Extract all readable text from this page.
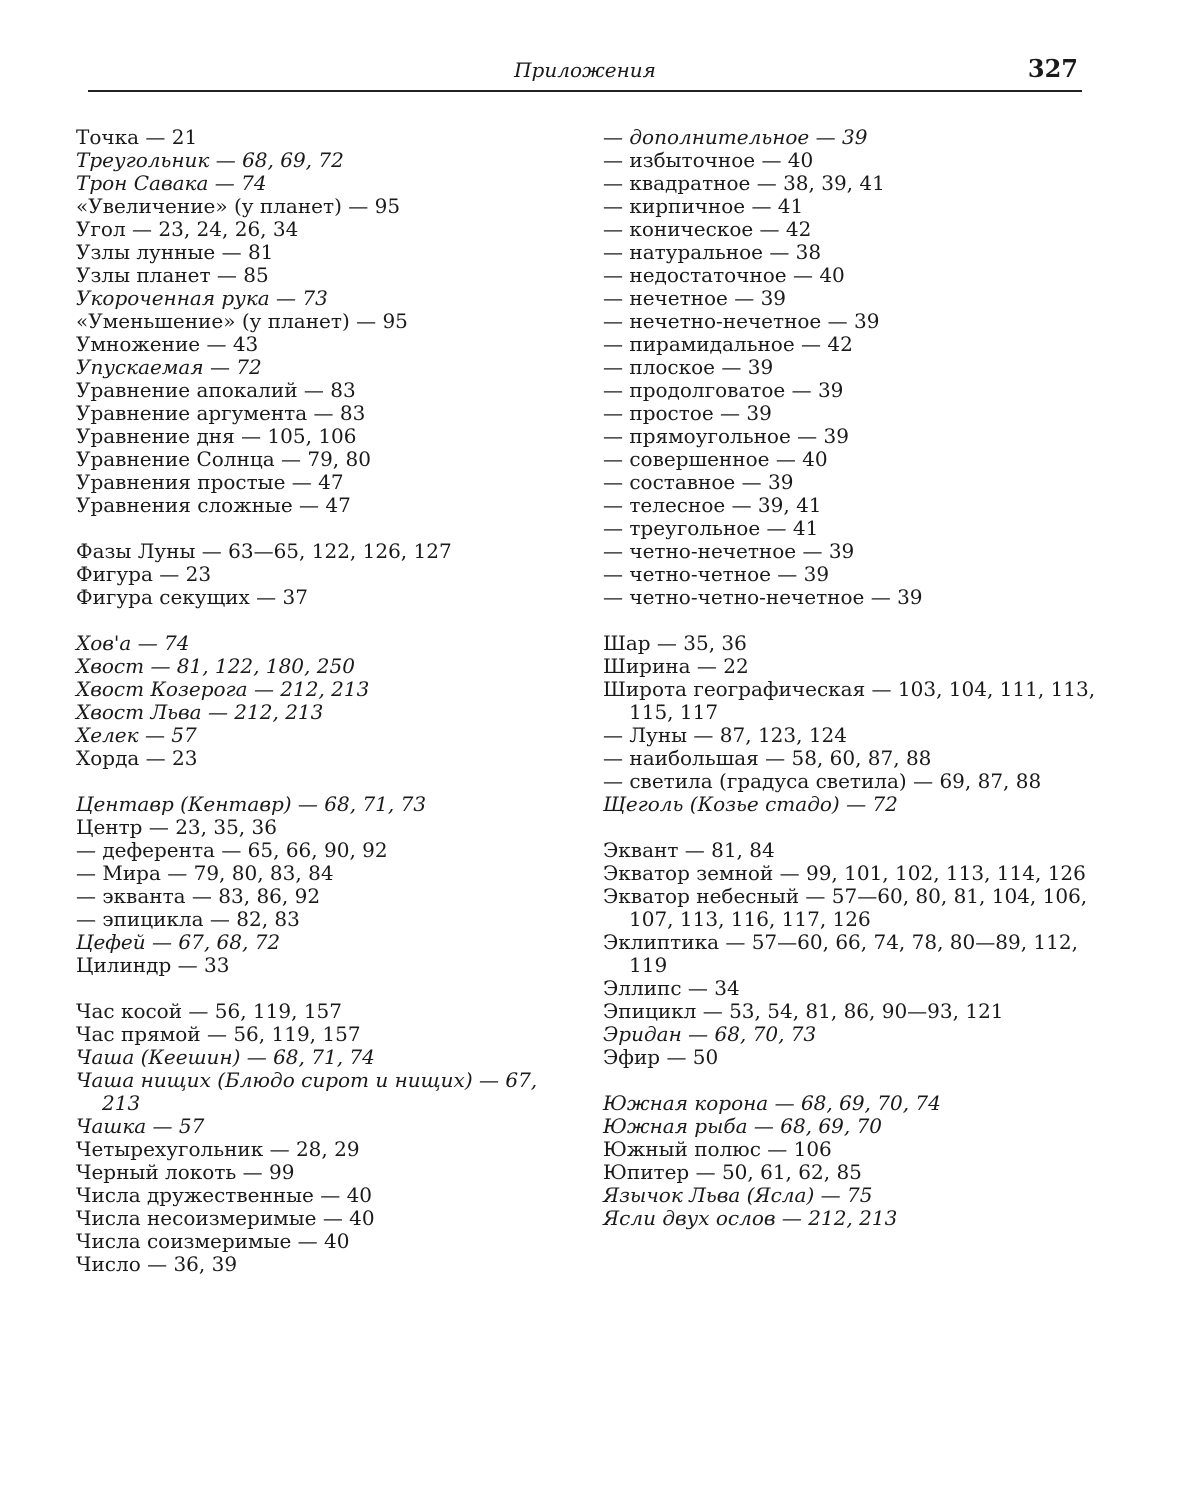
Приложения	327

Точка — 21

Треугольник — 68, 69, 72

Трон Савака — 74

«Увеличение» (у планет) — 95

Угол — 23, 24, 26, 34

Узлы лунные — 81

Узлы планет — 85

Укороченная рука — 73

«Уменьшение» (у планет) — 95

Умножение — 43

Упускаемая — 72

Уравнение апокалий — 83

Уравнение аргумента — 83

Уравнение дня — 105, 106

Уравнение Солнца — 79, 80

Уравнения простые — 47

Уравнения сложные — 47

Фазы Луны — 63—65, 122, 126, 127

Фигура — 23

Фигура секущих — 37

Хов'а — 74

Хвост — 81, 122, 180, 250

Хвост Козерога — 212, 213

Хвост Льва — 212, 213

Хелек — 57

Хорда — 23

Центавр (Кентавр) — 68, 71, 73

Центр — 23, 35, 36

— деферента — 65, 66, 90, 92

— Мира — 79, 80, 83, 84

— экванта — 83, 86, 92

— эпицикла — 82, 83

Цефей — 67, 68, 72

Цилиндр — 33

Час косой — 56, 119, 157

Час прямой — 56, 119, 157

Чаша (Кеешин) — 68, 71, 74

Чаша нищих (Блюдо сирот и нищих) — 67, 213

Чашка — 57

Четырехугольник — 28, 29

Черный локоть — 99

Числа дружественные — 40

Числа несоизмеримые — 40

Числа соизмеримые — 40

Число — 36, 39

— дополнительное — 39

— избыточное — 40

— квадратное — 38, 39, 41

— кирпичное — 41

— коническое — 42

— натуральное — 38

— недостаточное — 40

— нечетное — 39

— нечетно-нечетное — 39

— пирамидальное — 42

— плоское — 39

— продолговатое — 39

— простое — 39

— прямоугольное — 39

— совершенное — 40

— составное — 39

— телесное — 39, 41

— треугольное — 41

— четно-нечетное — 39

— четно-четное — 39

— четно-четно-нечетное — 39

Шар — 35, 36

Ширина — 22

Широта географическая — 103, 104, 111, 113, 115, 117

— Луны — 87, 123, 124

— наибольшая — 58, 60, 87, 88

— светила (градуса светила) — 69, 87, 88

Щеголь (Козье стадо) — 72

Эквант — 81, 84

Экватор земной — 99, 101, 102, 113, 114, 126

Экватор небесный — 57—60, 80, 81, 104, 106, 107, 113, 116, 117, 126

Эклиптика — 57—60, 66, 74, 78, 80—89, 112, 119

Эллипс — 34

Эпицикл — 53, 54, 81, 86, 90—93, 121

Эридан — 68, 70, 73

Эфир — 50

Южная корона — 68, 69, 70, 74

Южная рыба — 68, 69, 70

Южный полюс — 106

Юпитер — 50, 61, 62, 85

Язычок Льва (Ясла) — 75

Ясли двух ослов — 212, 213
